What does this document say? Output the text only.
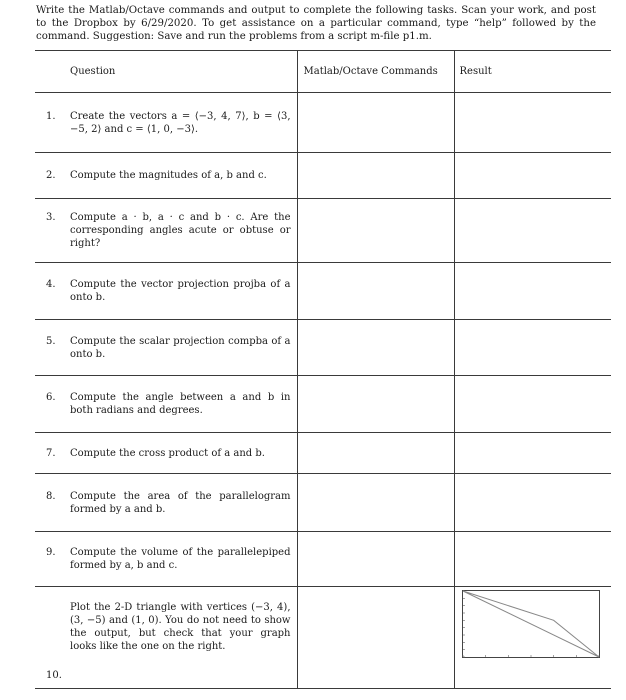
Write the Matlab/Octave commands and output to complete the following tasks. Scan your work, and post to the Dropbox by 6/29/2020. To get assistance on a particular command, type “help” followed by the command. Suggestion: Save and run the problems from a script m-file p1.m.
Question	Matlab/Octave Commands	Result

1. Create the vectors a = ⟨−3, 4, 7⟩, b = ⟨3, −5, 2⟩ and c = ⟨1, 0, −3⟩.		

2. Compute the magnitudes of a, b and c.		

3. Compute a · b, a · c and b · c. Are the corresponding angles acute or obtuse or right?		

4. Compute the vector projection projba of a onto b.		

5. Compute the scalar projection compba of a onto b.		

6. Compute the angle between a and b in both radians and degrees.		

7. Compute the cross product of a and b.		

8. Compute the area of the parallelogram formed by a and b.		

9. Compute the volume of the parallelepiped formed by a, b and c.		

Plot the 2-D triangle with vertices (−3, 4), (3, −5) and (1, 0). You do not need to show the output, but check that your graph looks like the one on the right.
10.
